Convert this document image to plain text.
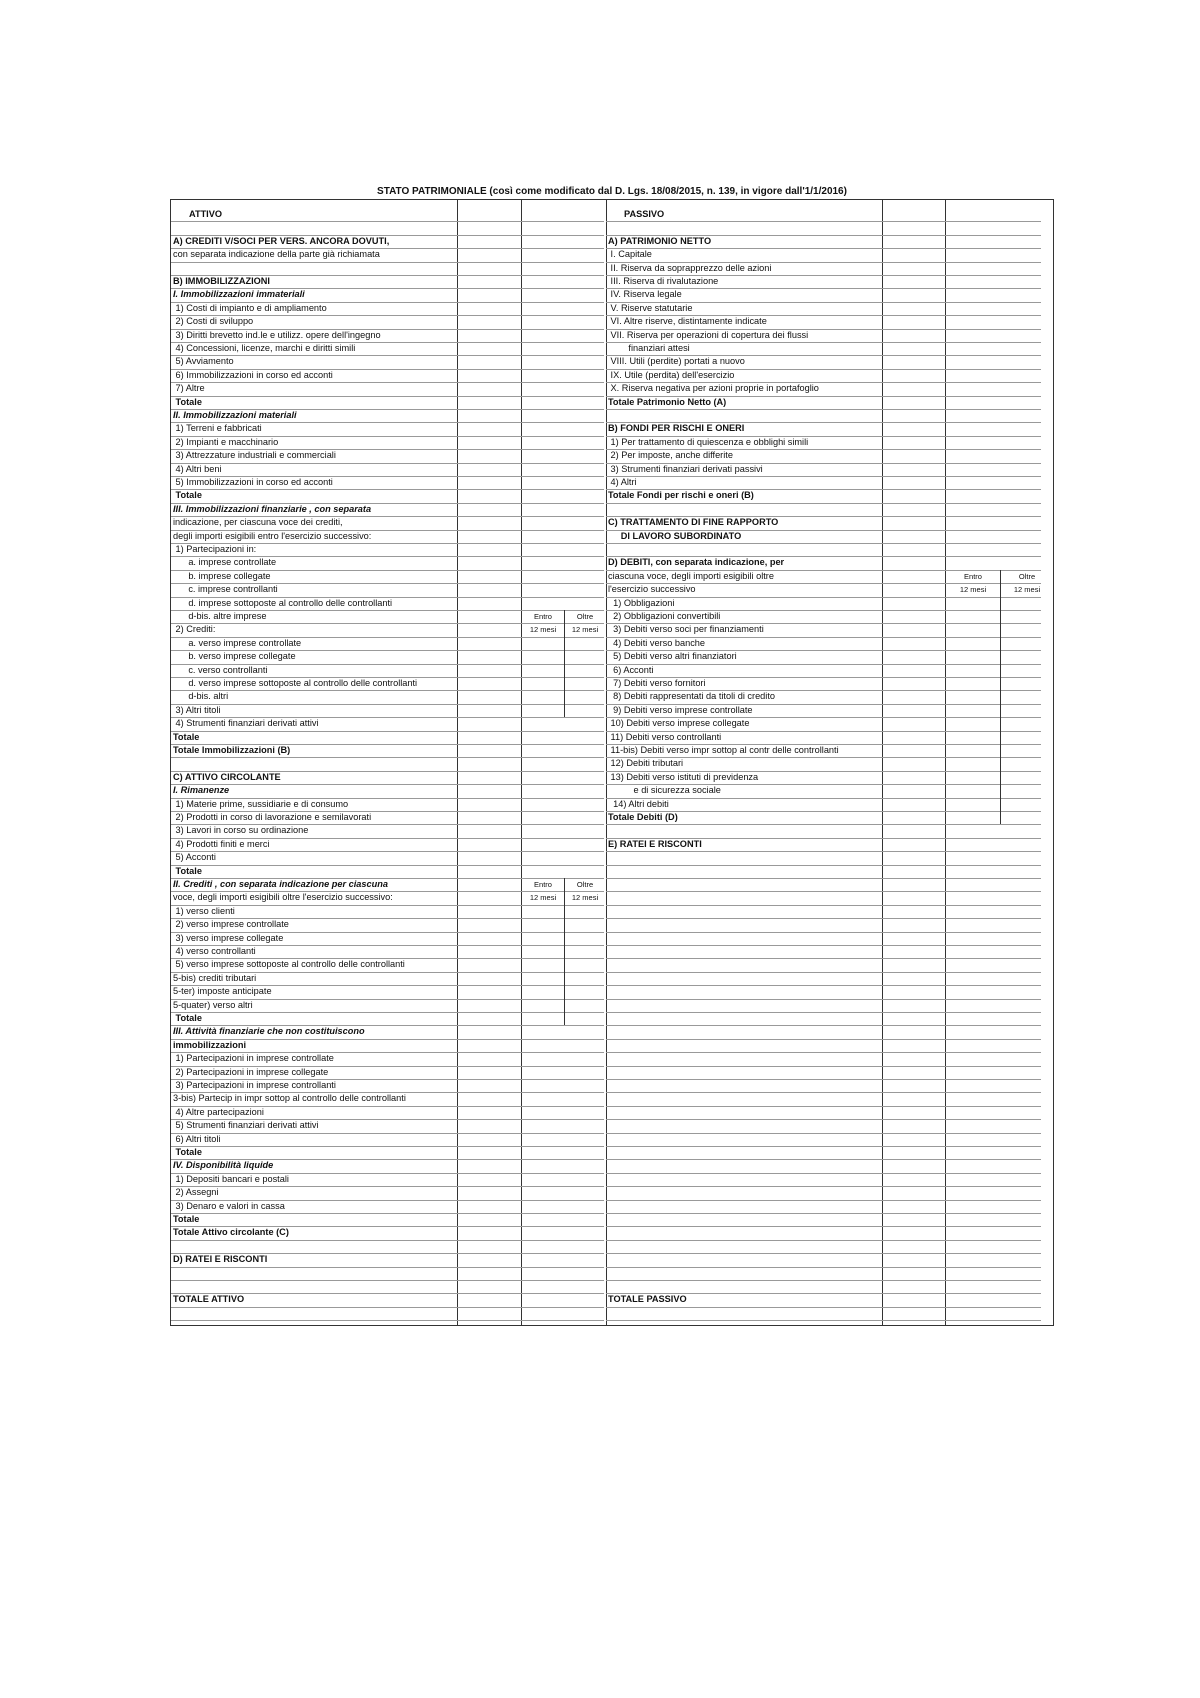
STATO PATRIMONIALE (così come modificato dal D. Lgs. 18/08/2015, n. 139, in vigore dall'1/1/2016)
ATTIVO
A) CREDITI V/SOCI PER VERS. ANCORA DOVUTI,
con separata indicazione della parte già richiamata
B) IMMOBILIZZAZIONI
I. Immobilizzazioni immateriali
1) Costi di impianto e di ampliamento
2) Costi di sviluppo
3) Diritti brevetto ind.le e utilizz. opere dell'ingegno
4) Concessioni, licenze, marchi e diritti simili
5) Avviamento
6) Immobilizzazioni in corso ed acconti
7) Altre
Totale
II. Immobilizzazioni materiali
1) Terreni e fabbricati
2) Impianti e macchinario
3) Attrezzature industriali e commerciali
4) Altri beni
5) Immobilizzazioni in corso ed acconti
Totale
III. Immobilizzazioni finanziarie , con separata
indicazione, per ciascuna voce dei crediti,
degli importi esigibili entro l'esercizio successivo:
1) Partecipazioni in:
a. imprese controllate
b. imprese collegate
c. imprese controllanti
d. imprese sottoposte al controllo delle controllanti
d-bis. altre imprese
2) Crediti:
a. verso imprese controllate
b. verso imprese collegate
c. verso controllanti
d. verso imprese sottoposte al controllo delle controllanti
d-bis. altri
3) Altri titoli
4) Strumenti finanziari derivati attivi
Totale
Totale Immobilizzazioni (B)
C) ATTIVO CIRCOLANTE
I. Rimanenze
1) Materie prime, sussidiarie e di consumo
2) Prodotti in corso di lavorazione e semilavorati
3) Lavori in corso su ordinazione
4) Prodotti finiti e merci
5) Acconti
Totale
II. Crediti , con separata indicazione per ciascuna
voce, degli importi esigibili oltre l'esercizio successivo:
1) verso clienti
2) verso imprese controllate
3) verso imprese collegate
4) verso controllanti
5) verso imprese sottoposte al controllo delle controllanti
5-bis) crediti tributari
5-ter) imposte anticipate
5-quater) verso altri
Totale
III. Attività finanziarie che non costituiscono
immobilizzazioni
1) Partecipazioni in imprese controllate
2) Partecipazioni in imprese collegate
3) Partecipazioni in imprese controllanti
3-bis) Partecip in impr sottop al controllo delle controllanti
4) Altre partecipazioni
5) Strumenti finanziari derivati attivi
6) Altri titoli
Totale
IV. Disponibilità liquide
1) Depositi bancari e postali
2) Assegni
3) Denaro e valori in cassa
Totale
Totale Attivo circolante (C)
D) RATEI E RISCONTI
TOTALE ATTIVO
PASSIVO
A) PATRIMONIO NETTO
I. Capitale
II. Riserva da soprapprezzo delle azioni
III. Riserva di rivalutazione
IV. Riserva legale
V. Riserve statutarie
VI. Altre riserve, distintamente indicate
VII. Riserva per operazioni di copertura dei flussi
finanziari attesi
VIII. Utili (perdite) portati a nuovo
IX. Utile (perdita) dell'esercizio
X. Riserva negativa per azioni proprie in portafoglio
Totale Patrimonio Netto (A)
B) FONDI PER RISCHI E ONERI
1) Per trattamento di quiescenza e obblighi simili
2) Per imposte, anche differite
3) Strumenti finanziari derivati passivi
4) Altri
Totale Fondi per rischi e oneri (B)
C) TRATTAMENTO DI FINE RAPPORTO
DI LAVORO SUBORDINATO
D) DEBITI, con separata indicazione, per
ciascuna voce, degli importi esigibili oltre
l'esercizio successivo
1) Obbligazioni
2) Obbligazioni convertibili
3) Debiti verso soci per finanziamenti
4) Debiti verso banche
5) Debiti verso altri finanziatori
6) Acconti
7) Debiti verso fornitori
8) Debiti rappresentati da titoli di credito
9) Debiti verso imprese controllate
10) Debiti verso imprese collegate
11) Debiti verso controllanti
11-bis) Debiti verso impr sottop al contr delle controllanti
12) Debiti tributari
13) Debiti verso istituti di previdenza
e di sicurezza sociale
14) Altri debiti
Totale Debiti (D)
E) RATEI E RISCONTI
TOTALE PASSIVO
Entro	Oltre
12 mesi	12 mesi
Entro	Oltre
12 mesi	12 mesi
Entro	Oltre
12 mesi	12 mesi
